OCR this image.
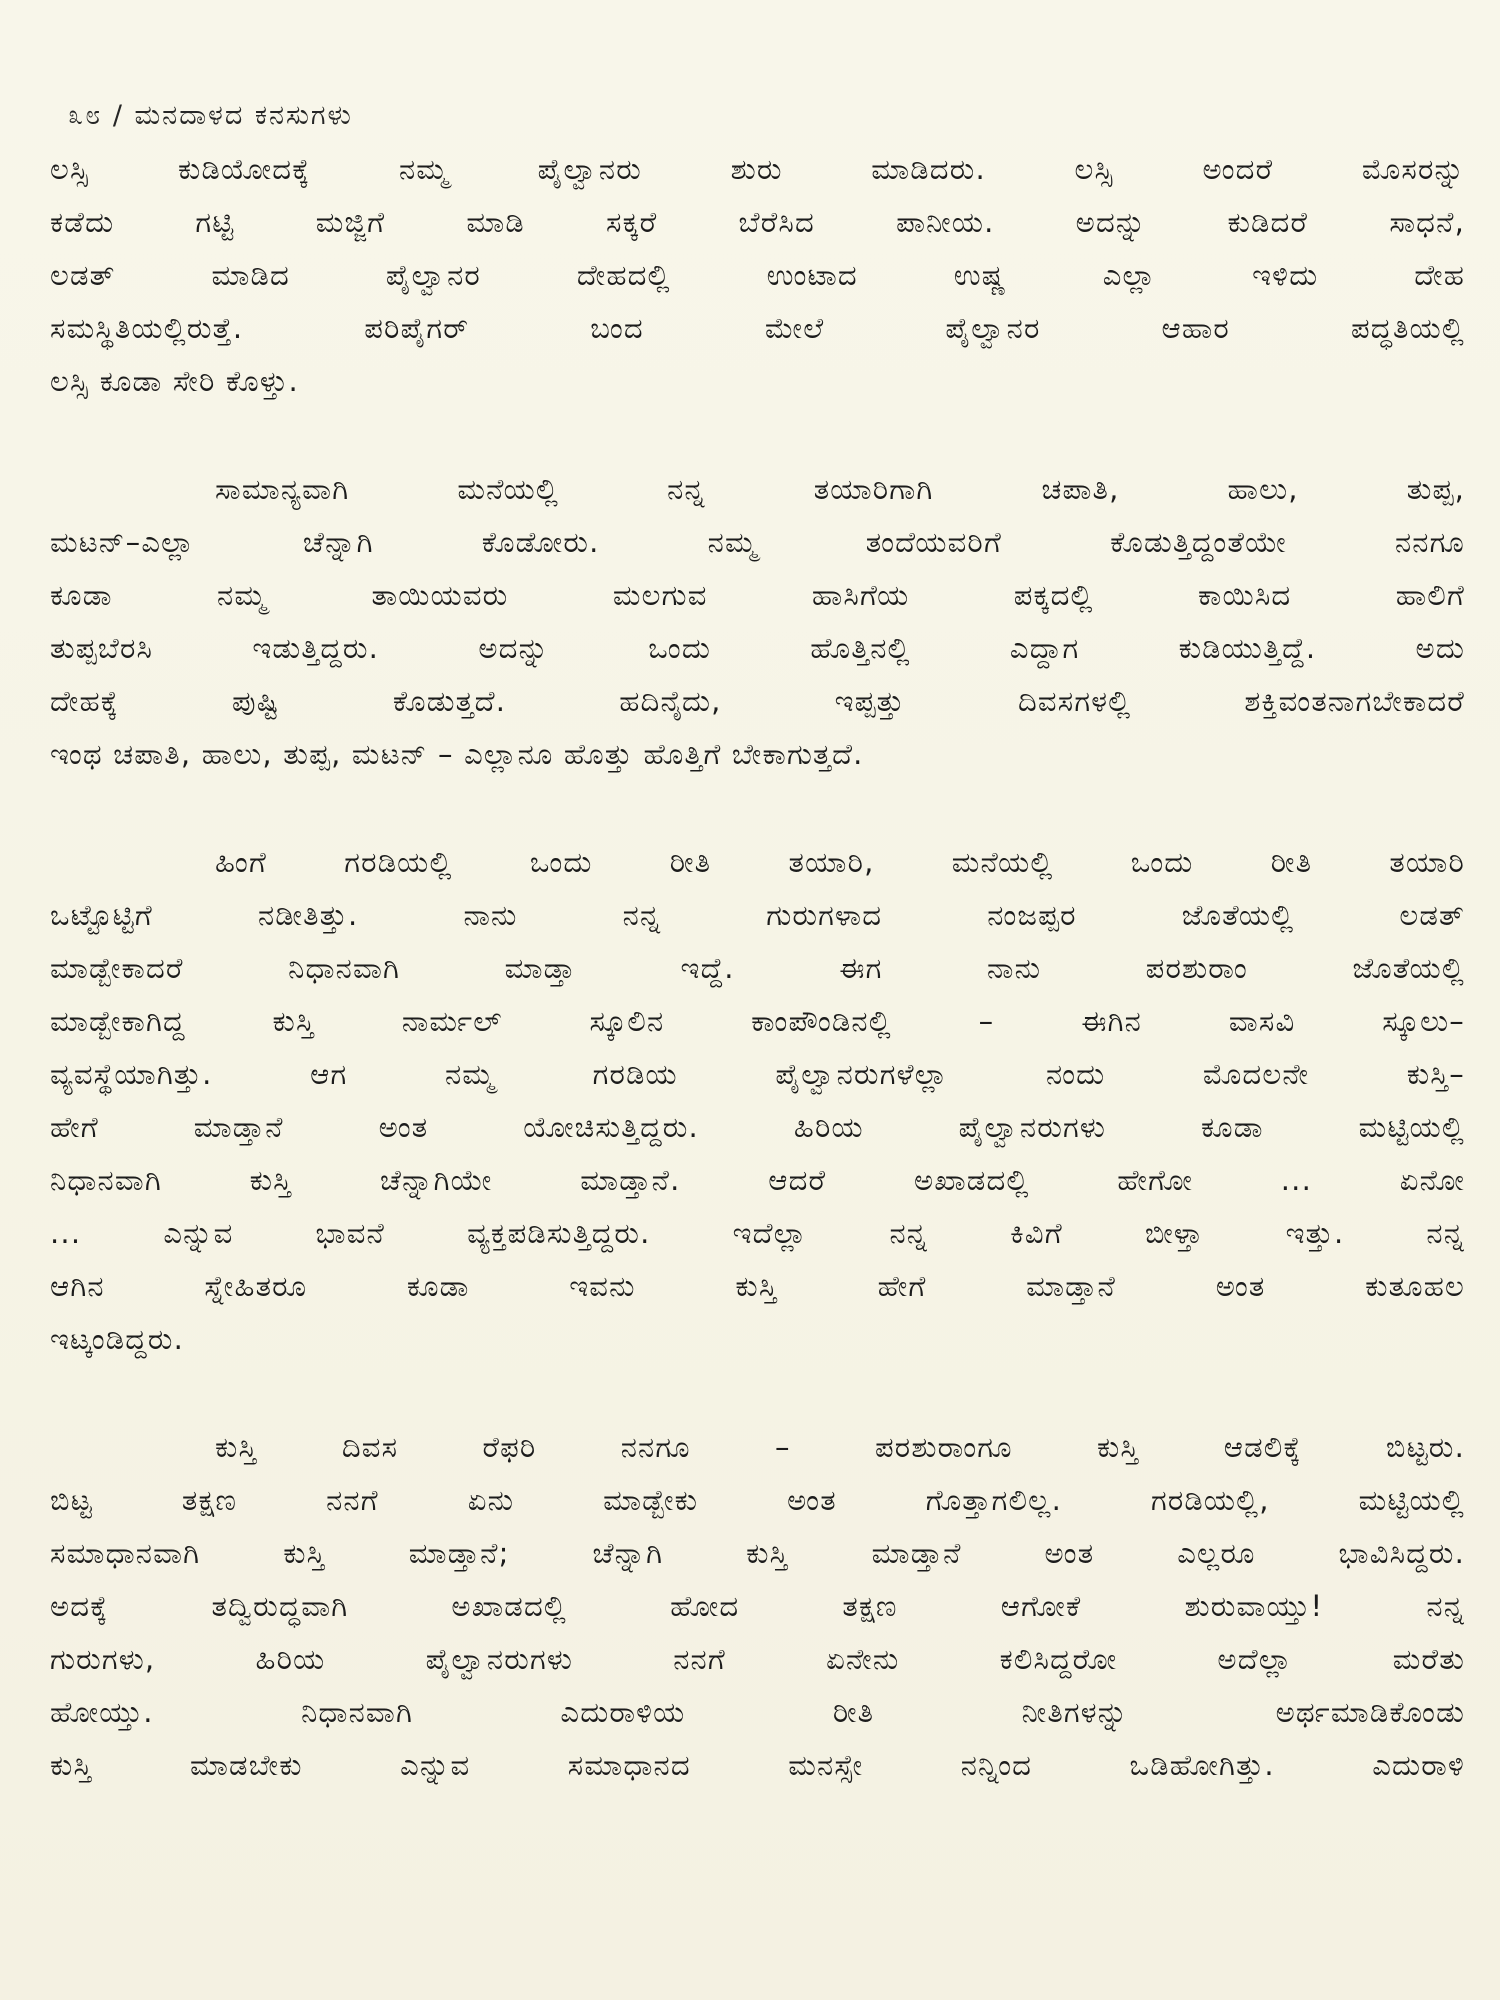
೩೮ / ಮನದಾಳದ ಕನಸುಗಳು
ಲಸ್ಸಿ ಕುಡಿಯೋದಕ್ಕೆ ನಮ್ಮ ಪೈಲ್ವಾನರು ಶುರು ಮಾಡಿದರು. ಲಸ್ಸಿ ಅಂದರೆ ಮೊಸರನ್ನು
ಕಡೆದು ಗಟ್ಟಿ ಮಜ್ಜಿಗೆ ಮಾಡಿ ಸಕ್ಕರೆ ಬೆರೆಸಿದ ಪಾನೀಯ. ಅದನ್ನು ಕುಡಿದರೆ ಸಾಧನೆ,
ಲಡತ್ ಮಾಡಿದ ಪೈಲ್ವಾನರ ದೇಹದಲ್ಲಿ ಉಂಟಾದ ಉಷ್ಣ ಎಲ್ಲಾ ಇಳಿದು ದೇಹ
ಸಮಸ್ಥಿತಿಯಲ್ಲಿರುತ್ತೆ. ಪರಿಪೈಗರ್ ಬಂದ ಮೇಲೆ ಪೈಲ್ವಾನರ ಆಹಾರ ಪದ್ಧತಿಯಲ್ಲಿ
ಲಸ್ಸಿ ಕೂಡಾ ಸೇರಿ ಕೊಳ್ತು.
ಸಾಮಾನ್ಯವಾಗಿ ಮನೆಯಲ್ಲಿ ನನ್ನ ತಯಾರಿಗಾಗಿ ಚಪಾತಿ, ಹಾಲು, ತುಪ್ಪ,
ಮಟನ್‌–ಎಲ್ಲಾ ಚೆನ್ನಾಗಿ ಕೊಡೋರು. ನಮ್ಮ ತಂದೆಯವರಿಗೆ ಕೊಡುತ್ತಿದ್ದಂತೆಯೇ ನನಗೂ
ಕೂಡಾ ನಮ್ಮ ತಾಯಿಯವರು ಮಲಗುವ ಹಾಸಿಗೆಯ ಪಕ್ಕದಲ್ಲಿ ಕಾಯಿಸಿದ ಹಾಲಿಗೆ
ತುಪ್ಪಬೆರಸಿ ಇಡುತ್ತಿದ್ದರು. ಅದನ್ನು ಒಂದು ಹೊತ್ತಿನಲ್ಲಿ ಎದ್ದಾಗ ಕುಡಿಯುತ್ತಿದ್ದೆ. ಅದು
ದೇಹಕ್ಕೆ ಪುಷ್ಟಿ ಕೊಡುತ್ತದೆ. ಹದಿನೈದು, ಇಪ್ಪತ್ತು ದಿವಸಗಳಲ್ಲಿ ಶಕ್ತಿವಂತನಾಗಬೇಕಾದರೆ
ಇಂಥ ಚಪಾತಿ, ಹಾಲು, ತುಪ್ಪ, ಮಟನ್ – ಎಲ್ಲಾನೂ ಹೊತ್ತು ಹೊತ್ತಿಗೆ ಬೇಕಾಗುತ್ತದೆ.
ಹಿಂಗೆ ಗರಡಿಯಲ್ಲಿ ಒಂದು ರೀತಿ ತಯಾರಿ, ಮನೆಯಲ್ಲಿ ಒಂದು ರೀತಿ ತಯಾರಿ
ಒಟ್ಟೊಟ್ಟಿಗೆ ನಡೀತಿತ್ತು. ನಾನು ನನ್ನ ಗುರುಗಳಾದ ನಂಜಪ್ಪರ ಜೊತೆಯಲ್ಲಿ ಲಡತ್
ಮಾಡ್ಬೇಕಾದರೆ ನಿಧಾನವಾಗಿ ಮಾಡ್ತಾ ಇದ್ದೆ. ಈಗ ನಾನು ಪರಶುರಾಂ ಜೊತೆಯಲ್ಲಿ
ಮಾಡ್ಬೇಕಾಗಿದ್ದ ಕುಸ್ತಿ ನಾರ್ಮಲ್ ಸ್ಕೂಲಿನ ಕಾಂಪೌಂಡಿನಲ್ಲಿ – ಈಗಿನ ವಾಸವಿ ಸ್ಕೂಲು–
ವ್ಯವಸ್ಥೆಯಾಗಿತ್ತು. ಆಗ ನಮ್ಮ ಗರಡಿಯ ಪೈಲ್ವಾನರುಗಳೆಲ್ಲಾ ನಂದು ಮೊದಲನೇ ಕುಸ್ತಿ–
ಹೇಗೆ ಮಾಡ್ತಾನೆ ಅಂತ ಯೋಚಿಸುತ್ತಿದ್ದರು. ಹಿರಿಯ ಪೈಲ್ವಾನರುಗಳು ಕೂಡಾ ಮಟ್ಟಿಯಲ್ಲಿ
ನಿಧಾನವಾಗಿ ಕುಸ್ತಿ ಚೆನ್ನಾಗಿಯೇ ಮಾಡ್ತಾನೆ. ಆದರೆ ಅಖಾಡದಲ್ಲಿ ಹೇಗೋ ... ಏನೋ
... ಎನ್ನುವ ಭಾವನೆ ವ್ಯಕ್ತಪಡಿಸುತ್ತಿದ್ದರು. ಇದೆಲ್ಲಾ ನನ್ನ ಕಿವಿಗೆ ಬೀಳ್ತಾ ಇತ್ತು. ನನ್ನ
ಆಗಿನ ಸ್ನೇಹಿತರೂ ಕೂಡಾ ಇವನು ಕುಸ್ತಿ ಹೇಗೆ ಮಾಡ್ತಾನೆ ಅಂತ ಕುತೂಹಲ
ಇಟ್ಕಂಡಿದ್ದರು.
ಕುಸ್ತಿ ದಿವಸ ರೆಫರಿ ನನಗೂ – ಪರಶುರಾಂಗೂ ಕುಸ್ತಿ ಆಡಲಿಕ್ಕೆ ಬಿಟ್ಟರು.
ಬಿಟ್ಟ ತಕ್ಷಣ ನನಗೆ ಏನು ಮಾಡ್ಬೇಕು ಅಂತ ಗೊತ್ತಾಗಲಿಲ್ಲ. ಗರಡಿಯಲ್ಲಿ, ಮಟ್ಟಿಯಲ್ಲಿ
ಸಮಾಧಾನವಾಗಿ ಕುಸ್ತಿ ಮಾಡ್ತಾನೆ; ಚೆನ್ನಾಗಿ ಕುಸ್ತಿ ಮಾಡ್ತಾನೆ ಅಂತ ಎಲ್ಲರೂ ಭಾವಿಸಿದ್ದರು.
ಅದಕ್ಕೆ ತದ್ವಿರುದ್ಧವಾಗಿ ಅಖಾಡದಲ್ಲಿ ಹೋದ ತಕ್ಷಣ ಆಗೋಕೆ ಶುರುವಾಯ್ತು! ನನ್ನ
ಗುರುಗಳು, ಹಿರಿಯ ಪೈಲ್ವಾನರುಗಳು ನನಗೆ ಏನೇನು ಕಲಿಸಿದ್ದರೋ ಅದೆಲ್ಲಾ ಮರೆತು
ಹೋಯ್ತು. ನಿಧಾನವಾಗಿ ಎದುರಾಳಿಯ ರೀತಿ ನೀತಿಗಳನ್ನು ಅರ್ಥಮಾಡಿಕೊಂಡು
ಕುಸ್ತಿ ಮಾಡಬೇಕು ಎನ್ನುವ ಸಮಾಧಾನದ ಮನಸ್ಸೇ ನನ್ನಿಂದ ಒಡಿಹೋಗಿತ್ತು. ಎದುರಾಳಿ
